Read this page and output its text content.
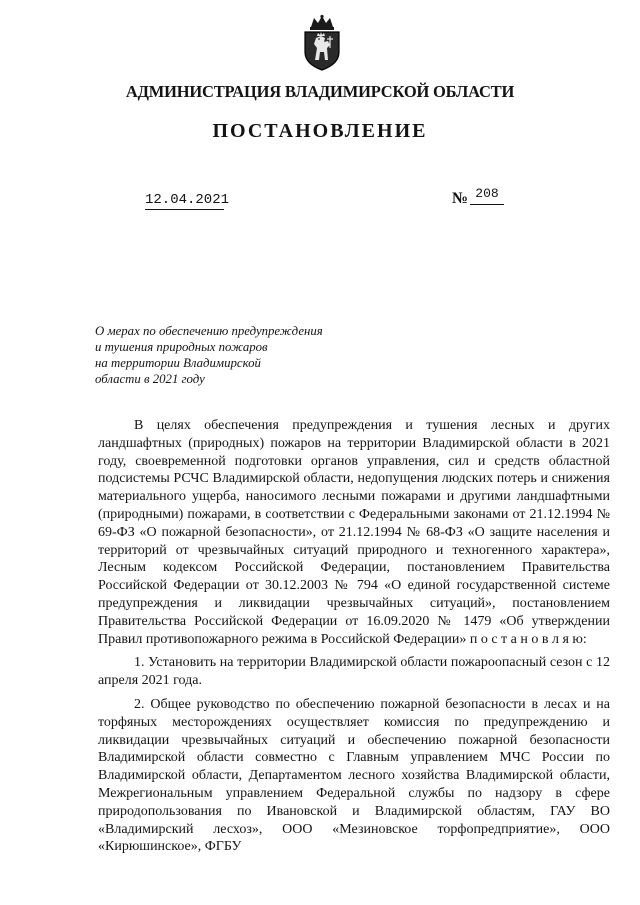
АДМИНИСТРАЦИЯ ВЛАДИМИРСКОЙ ОБЛАСТИ
ПОСТАНОВЛЕНИЕ
12.04.2021	№ 208
О мерах по обеспечению предупреждения
и тушения природных пожаров
на территории Владимирской
области в 2021 году

В целях обеспечения предупреждения и тушения лесных и других ландшафтных (природных) пожаров на территории Владимирской области в 2021 году, своевременной подготовки органов управления, сил и средств областной подсистемы РСЧС Владимирской области, недопущения людских потерь и снижения материального ущерба, наносимого лесными пожарами и другими ландшафтными (природными) пожарами, в соответствии с Федеральными законами от 21.12.1994 № 69-ФЗ «О пожарной безопасности», от 21.12.1994 № 68-ФЗ «О защите населения и территорий от чрезвычайных ситуаций природного и техногенного характера», Лесным кодексом Российской Федерации, постановлением Правительства Российской Федерации от 30.12.2003 № 794 «О единой государственной системе предупреждения и ликвидации чрезвычайных ситуаций», постановлением Правительства Российской Федерации от 16.09.2020 № 1479 «Об утверждении Правил противопожарного режима в Российской Федерации» п о с т а н о в л я ю:

1. Установить на территории Владимирской области пожароопасный сезон с 12 апреля 2021 года.

2. Общее руководство по обеспечению пожарной безопасности в лесах и на торфяных месторождениях осуществляет комиссия по предупреждению и ликвидации чрезвычайных ситуаций и обеспечению пожарной безопасности Владимирской области совместно с Главным управлением МЧС России по Владимирской области, Департаментом лесного хозяйства Владимирской области, Межрегиональным управлением Федеральной службы по надзору в сфере природопользования по Ивановской и Владимирской областям, ГАУ ВО «Владимирский лесхоз», ООО «Мезиновское торфопредприятие», ООО «Кирюшинское», ФГБУ
